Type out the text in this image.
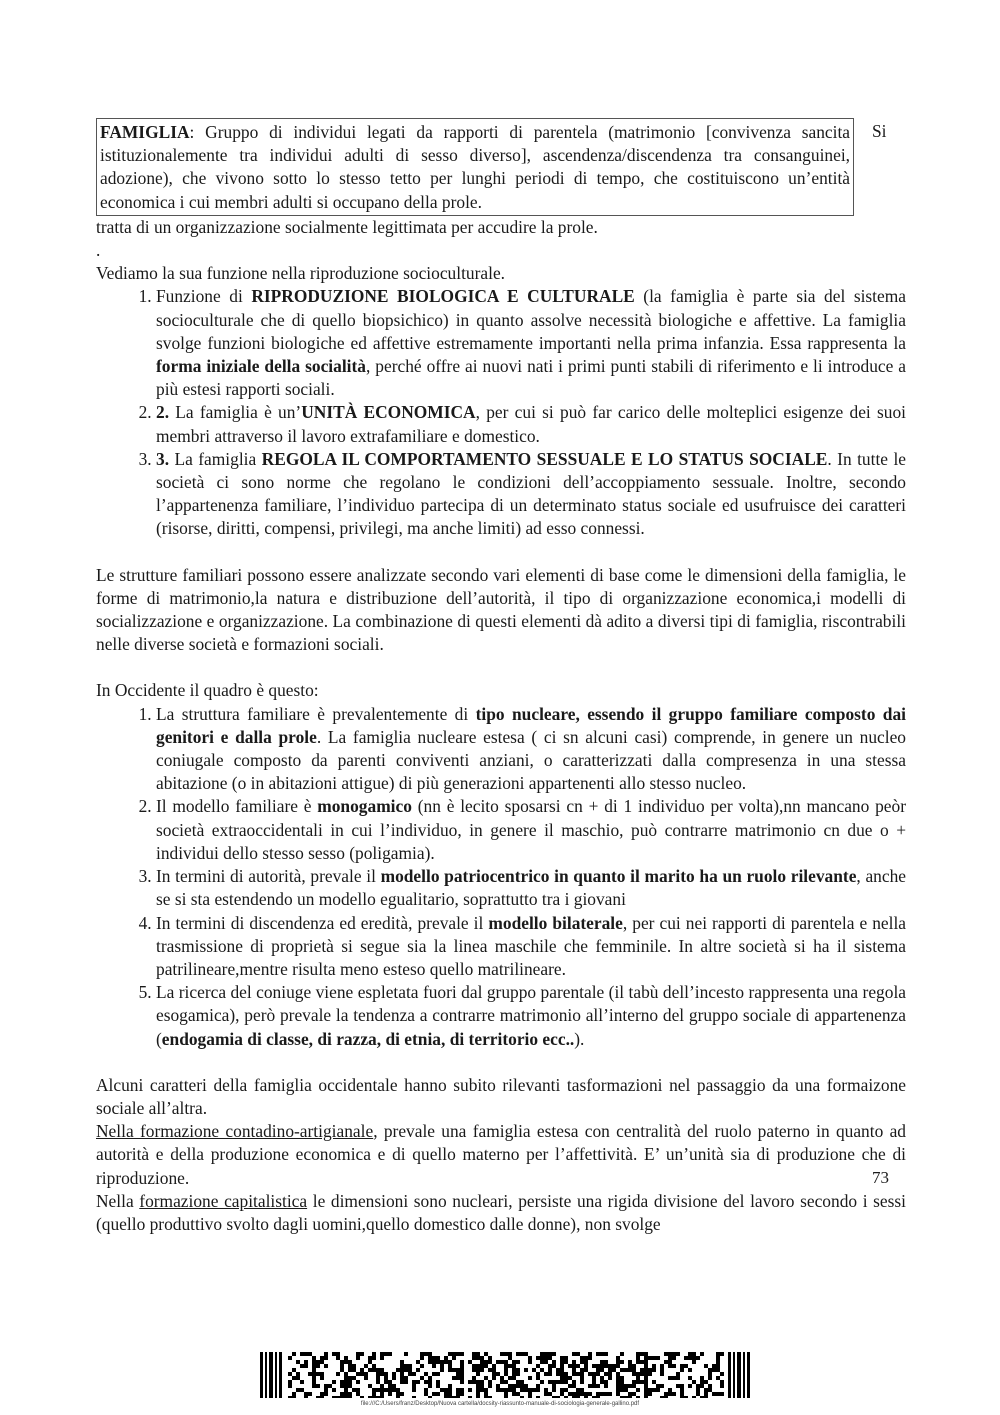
FAMIGLIA: Gruppo di individui legati da rapporti di parentela (matrimonio [convivenza sancita istituzionalemente tra individui adulti di sesso diverso], ascendenza/discendenza tra consanguinei, adozione), che vivono sotto lo stesso tetto per lunghi periodi di tempo, che costituiscono un’entità economica i cui membri adulti si occupano della prole.
Si

tratta di un organizzazione socialmente legittimata per accudire la prole.

.

Vediamo la sua funzione nella riproduzione socioculturale.

1. Funzione di RIPRODUZIONE BIOLOGICA E CULTURALE (la famiglia è parte sia del sistema socioculturale che di quello biopsichico) in quanto assolve necessità biologiche e affettive. La famiglia svolge funzioni biologiche ed affettive estremamente importanti nella prima infanzia. Essa rappresenta la forma iniziale della socialità, perché offre ai nuovi nati i primi punti stabili di riferimento e li introduce a più estesi rapporti sociali.
2. 2. La famiglia è un’UNITÀ ECONOMICA, per cui si può far carico delle molteplici esigenze dei suoi membri attraverso il lavoro extrafamiliare e domestico.
3. 3. La famiglia REGOLA IL COMPORTAMENTO SESSUALE E LO STATUS SOCIALE. In tutte le società ci sono norme che regolano le condizioni dell’accoppiamento sessuale. Inoltre, secondo l’appartenenza familiare, l’individuo partecipa di un determinato status sociale ed usufruisce dei caratteri (risorse, diritti, compensi, privilegi, ma anche limiti) ad esso connessi.

Le strutture familiari possono essere analizzate secondo vari elementi di base come le dimensioni della famiglia, le forme di matrimonio,la natura e distribuzione dell’autorità, il tipo di organizzazione economica,i modelli di socializzazione e organizzazione. La combinazione di questi elementi dà adito a diversi tipi di famiglia, riscontrabili nelle diverse società e formazioni sociali.

In Occidente il quadro è questo:

1. La struttura familiare è prevalentemente di tipo nucleare, essendo il gruppo familiare composto dai genitori e dalla prole. La famiglia nucleare estesa ( ci sn alcuni casi) comprende, in genere un nucleo coniugale composto da parenti conviventi anziani, o caratterizzati dalla compresenza in una stessa abitazione (o in abitazioni attigue) di più generazioni appartenenti allo stesso nucleo.
2. Il modello familiare è monogamico (nn è lecito sposarsi cn + di 1 individuo per volta),nn mancano peòr società extraoccidentali in cui l’individuo, in genere il maschio, può contrarre matrimonio cn due o + individui dello stesso sesso (poligamia).
3. In termini di autorità, prevale il modello patriocentrico in quanto il marito ha un ruolo rilevante, anche se si sta estendendo un modello egualitario, soprattutto tra i giovani
4. In termini di discendenza ed eredità, prevale il modello bilaterale, per cui nei rapporti di parentela e nella trasmissione di proprietà si segue sia la linea maschile che femminile. In altre società si ha il sistema patrilineare,mentre risulta meno esteso quello matrilineare.
5. La ricerca del coniuge viene espletata fuori dal gruppo parentale (il tabù dell’incesto rappresenta una regola esogamica), però prevale la tendenza a contrarre matrimonio all’interno del gruppo sociale di appartenenza (endogamia di classe, di razza, di etnia, di territorio ecc..).

Alcuni caratteri della famiglia occidentale hanno subito rilevanti tasformazioni nel passaggio da una formaizone sociale all’altra.

Nella formazione contadino-artigianale, prevale una famiglia estesa con centralità del ruolo paterno in quanto ad autorità e della produzione economica e di quello materno per l’affettività. E’ un’unità sia di produzione che di riproduzione.

Nella formazione capitalistica le dimensioni sono nucleari, persiste una rigida divisione del lavoro secondo i sessi (quello produttivo svolto dagli uomini,quello domestico dalle donne), non svolge

73
file:///C:/Users/franz/Desktop/Nuova cartella/docsity-riassunto-manuale-di-sociologia-generale-gallino.pdf
